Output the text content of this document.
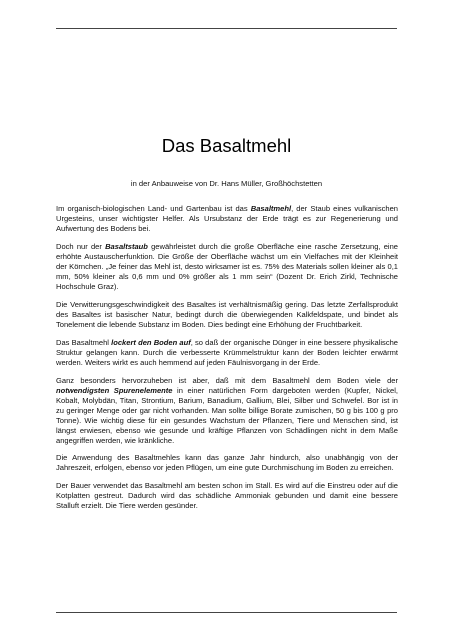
Das Basaltmehl
in der Anbauweise von Dr. Hans Müller, Großhöchstetten

Im organisch-biologischen Land- und Gartenbau ist das Basaltmehl, der Staub eines vulkanischen Urgesteins, unser wichtigster Helfer. Als Ursubstanz der Erde trägt es zur Regenerierung und Aufwertung des Bodens bei.

Doch nur der Basaltstaub gewährleistet durch die große Oberfläche eine rasche Zersetzung, eine erhöhte Austauscherfunktion. Die Größe der Oberfläche wächst um ein Vielfaches mit der Kleinheit der Körnchen. „Je feiner das Mehl ist, desto wirksamer ist es. 75% des Materials sollen kleiner als 0,1 mm, 50% kleiner als 0,6 mm und 0% größer als 1 mm sein“ (Dozent Dr. Erich Zirkl, Technische Hochschule Graz).

Die Verwitterungsgeschwindigkeit des Basaltes ist verhältnismäßig gering. Das letzte Zerfallsprodukt des Basaltes ist basischer Natur, bedingt durch die überwiegenden Kalkfeldspate, und bindet als Tonelement die lebende Substanz im Boden. Dies bedingt eine Erhöhung der Fruchtbarkeit.

Das Basaltmehl lockert den Boden auf, so daß der organische Dünger in eine bessere physikalische Struktur gelangen kann. Durch die verbesserte Krümmelstruktur kann der Boden leichter erwärmt werden. Weiters wirkt es auch hemmend auf jeden Fäulnisvorgang in der Erde.

Ganz besonders hervorzuheben ist aber, daß mit dem Basaltmehl dem Boden viele der notwendigsten Spurenelemente in einer natürlichen Form dargeboten werden (Kupfer, Nickel, Kobalt, Molybdän, Titan, Strontium, Barium, Banadium, Gallium, Blei, Silber und Schwefel. Bor ist in zu geringer Menge oder gar nicht vorhanden. Man sollte billige Borate zumischen, 50 g bis 100 g pro Tonne). Wie wichtig diese für ein gesundes Wachstum der Pflanzen, Tiere und Menschen sind, ist längst erwiesen, ebenso wie gesunde und kräftige Pflanzen von Schädlingen nicht in dem Maße angegriffen werden, wie kränkliche.

Die Anwendung des Basaltmehles kann das ganze Jahr hindurch, also unabhängig von der Jahreszeit, erfolgen, ebenso vor jeden Pflügen, um eine gute Durchmischung im Boden zu erreichen.

Der Bauer verwendet das Basaltmehl am besten schon im Stall. Es wird auf die Einstreu oder auf die Kotplatten gestreut. Dadurch wird das schädliche Ammoniak gebunden und damit eine bessere Stalluft erzielt. Die Tiere werden gesünder.
